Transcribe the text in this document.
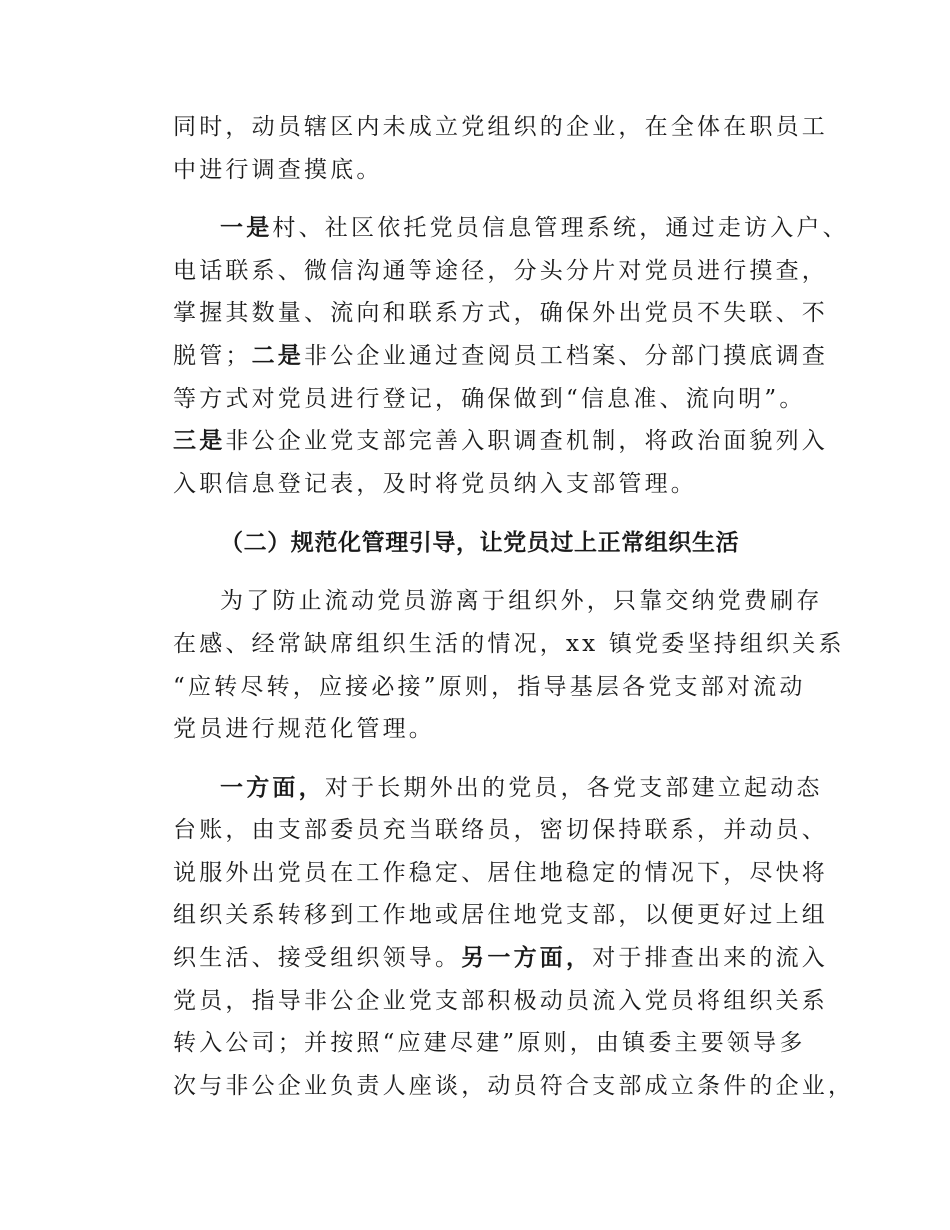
同时，动员辖区内未成立党组织的企业，在全体在职员工
中进行调查摸底。
一是村、社区依托党员信息管理系统，通过走访入户、
电话联系、微信沟通等途径，分头分片对党员进行摸查，
掌握其数量、流向和联系方式，确保外出党员不失联、不
脱管；二是非公企业通过查阅员工档案、分部门摸底调查
等方式对党员进行登记，确保做到“信息准、流向明”。
三是非公企业党支部完善入职调查机制，将政治面貌列入
入职信息登记表，及时将党员纳入支部管理。
（二）规范化管理引导，让党员过上正常组织生活
为了防止流动党员游离于组织外，只靠交纳党费刷存
在感、经常缺席组织生活的情况，xx 镇党委坚持组织关系
“应转尽转，应接必接”原则，指导基层各党支部对流动
党员进行规范化管理。
一方面，对于长期外出的党员，各党支部建立起动态
台账，由支部委员充当联络员，密切保持联系，并动员、
说服外出党员在工作稳定、居住地稳定的情况下，尽快将
组织关系转移到工作地或居住地党支部，以便更好过上组
织生活、接受组织领导。另一方面，对于排查出来的流入
党员，指导非公企业党支部积极动员流入党员将组织关系
转入公司；并按照“应建尽建”原则，由镇委主要领导多
次与非公企业负责人座谈，动员符合支部成立条件的企业，
